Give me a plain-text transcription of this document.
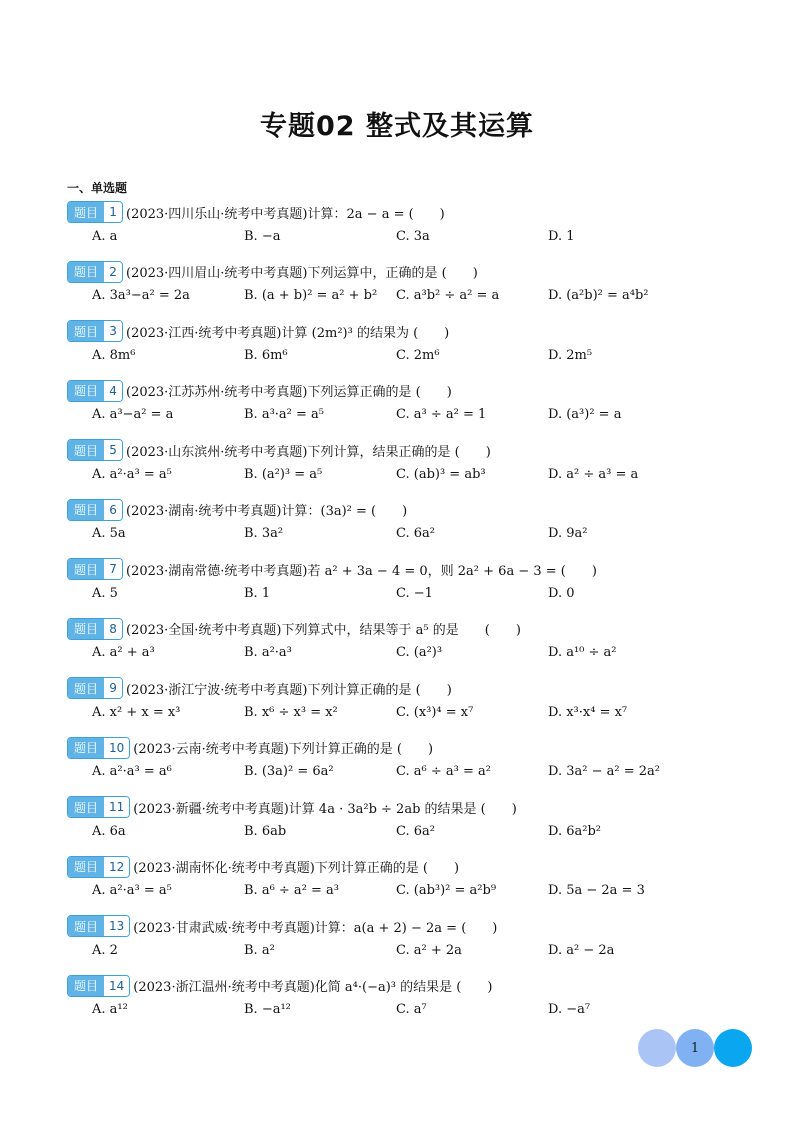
专题02 整式及其运算
一、单选题
题目 1 (2023·四川乐山·统考中考真题) 计算：2a − a = (　　)
A. a	B. −a	C. 3a	D. 1
题目 2 (2023·四川眉山·统考中考真题) 下列运算中，正确的是 (　　)
A. 3a³−a² = 2a	B. (a + b)² = a² + b²	C. a³b² ÷ a² = a	D. (a²b)² = a⁴b²
题目 3 (2023·江西·统考中考真题) 计算 (2m²)³ 的结果为 (　　)
A. 8m⁶	B. 6m⁶	C. 2m⁶	D. 2m⁵
题目 4 (2023·江苏苏州·统考中考真题) 下列运算正确的是 (　　)
A. a³−a² = a	B. a³·a² = a⁵	C. a³ ÷ a² = 1	D. (a³)² = a
题目 5 (2023·山东滨州·统考中考真题) 下列计算，结果正确的是 (　　)
A. a²·a³ = a⁵	B. (a²)³ = a⁵	C. (ab)³ = ab³	D. a² ÷ a³ = a
题目 6 (2023·湖南·统考中考真题) 计算：(3a)² = (　　)
A. 5a	B. 3a²	C. 6a²	D. 9a²
题目 7 (2023·湖南常德·统考中考真题) 若 a² + 3a − 4 = 0，则 2a² + 6a − 3 = (　　)
A. 5	B. 1	C. −1	D. 0
题目 8 (2023·全国·统考中考真题) 下列算式中，结果等于 a⁵ 的是　　(　　)
A. a² + a³	B. a²·a³	C. (a²)³	D. a¹⁰ ÷ a²
题目 9 (2023·浙江宁波·统考中考真题) 下列计算正确的是 (　　)
A. x² + x = x³	B. x⁶ ÷ x³ = x²	C. (x³)⁴ = x⁷	D. x³·x⁴ = x⁷
题目 10 (2023·云南·统考中考真题) 下列计算正确的是 (　　)
A. a²·a³ = a⁶	B. (3a)² = 6a²	C. a⁶ ÷ a³ = a²	D. 3a² − a² = 2a²
题目 11 (2023·新疆·统考中考真题) 计算 4a · 3a²b ÷ 2ab 的结果是 (　　)
A. 6a	B. 6ab	C. 6a²	D. 6a²b²
题目 12 (2023·湖南怀化·统考中考真题) 下列计算正确的是 (　　)
A. a²·a³ = a⁵	B. a⁶ ÷ a² = a³	C. (ab³)² = a²b⁹	D. 5a − 2a = 3
题目 13 (2023·甘肃武威·统考中考真题) 计算：a(a + 2) − 2a = (　　)
A. 2	B. a²	C. a² + 2a	D. a² − 2a
题目 14 (2023·浙江温州·统考中考真题) 化简 a⁴·(−a)³ 的结果是 (　　)
A. a¹²	B. −a¹²	C. a⁷	D. −a⁷
1
